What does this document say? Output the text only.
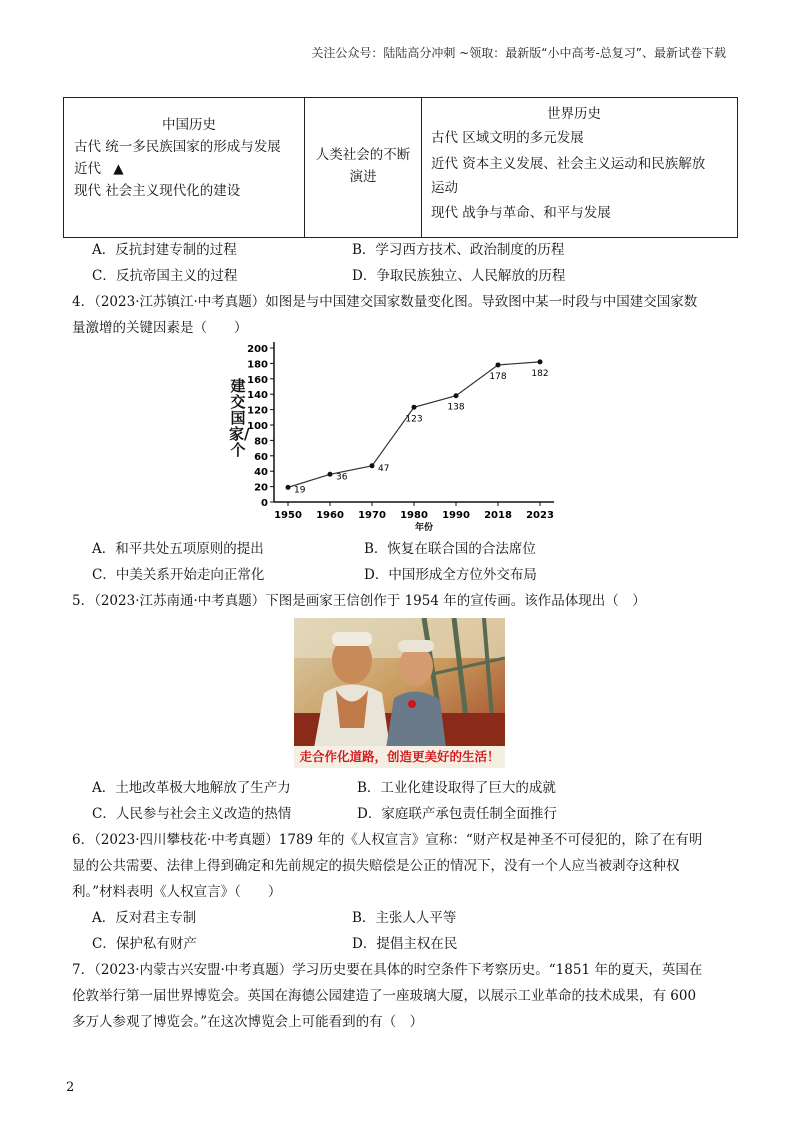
关注公众号：陆陆高分冲刺 ~领取：最新版“小中高考-总复习”、最新试卷下载
中国历史
古代 统一多民族国家的形成与发展
近代 ▲
现代 社会主义现代化的建设

人类社会的不断
演进

世界历史
古代 区域文明的多元发展
近代 资本主义发展、社会主义运动和民族解放
运动
现代 战争与革命、和平与发展
A．反抗封建专制的过程	B．学习西方技术、政治制度的历程
C．反抗帝国主义的过程	D．争取民族独立、人民解放的历程
4．（2023·江苏镇江·中考真题）如图是与中国建交国家数量变化图。导致图中某一时段与中国建交国家数
量激增的关键因素是（　　）
建交国家/个
0
20
40
60
80
100
120
140
160
180
200
1950
19
1960
36
1970
47
1980
123
1990
138
2018
178
2023
182
年份
A．和平共处五项原则的提出	B．恢复在联合国的合法席位
C．中美关系开始走向正常化	D．中国形成全方位外交布局
5．（2023·江苏南通·中考真题）下图是画家王信创作于 1954 年的宣传画。该作品体现出（　）
走合作化道路，创造更美好的生活！
A．土地改革极大地解放了生产力	B．工业化建设取得了巨大的成就
C．人民参与社会主义改造的热情	D．家庭联产承包责任制全面推行
6．（2023·四川攀枝花·中考真题）1789 年的《人权宣言》宣称：“财产权是神圣不可侵犯的，除了在有明
显的公共需要、法律上得到确定和先前规定的损失赔偿是公正的情况下，没有一个人应当被剥夺这种权
利。”材料表明《人权宣言》（　　）
A．反对君主专制	B．主张人人平等
C．保护私有财产	D．提倡主权在民
7．（2023·内蒙古兴安盟·中考真题）学习历史要在具体的时空条件下考察历史。“1851 年的夏天，英国在
伦敦举行第一届世界博览会。英国在海德公园建造了一座玻璃大厦，以展示工业革命的技术成果，有 600
多万人参观了博览会。”在这次博览会上可能看到的有（　）
2
